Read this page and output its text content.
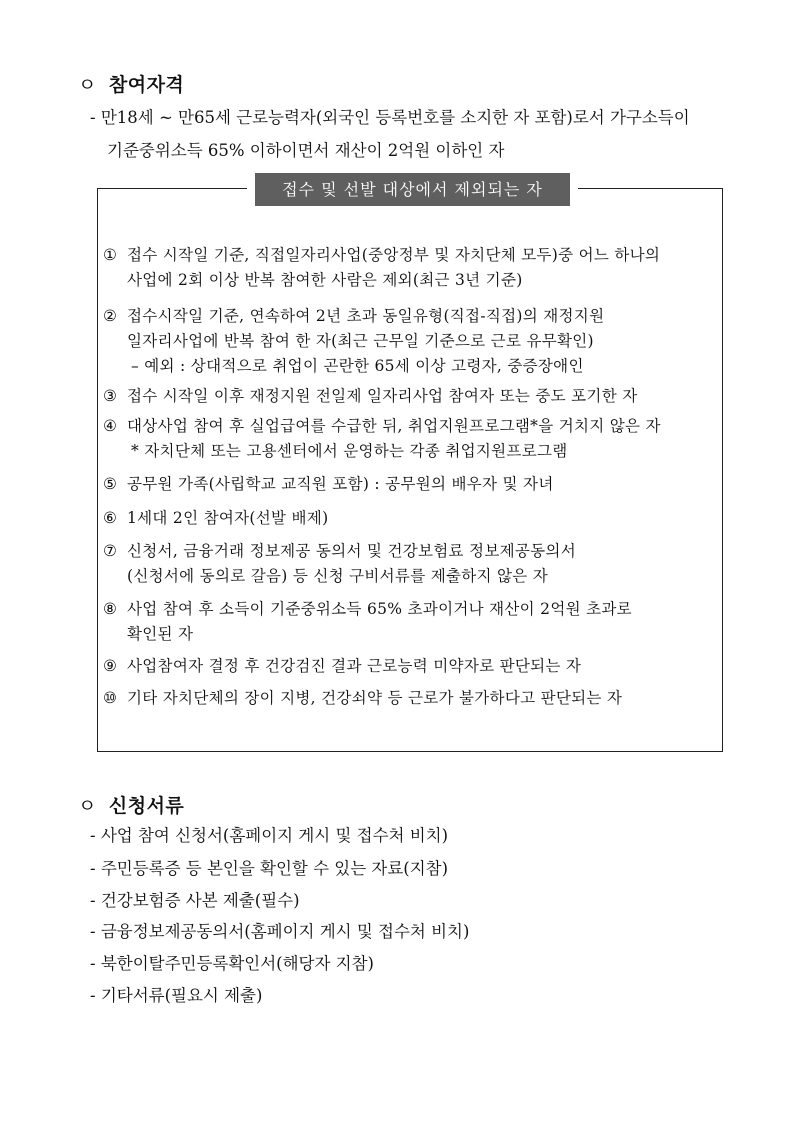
ㅇ 참여자격
- 만18세 ~ 만65세 근로능력자(외국인 등록번호를 소지한 자 포함)로서 가구소득이
기준중위소득 65% 이하이면서 재산이 2억원 이하인 자
접수 및 선발 대상에서 제외되는 자
① 접수 시작일 기준, 직접일자리사업(중앙정부 및 자치단체 모두)중 어느 하나의
사업에 2회 이상 반복 참여한 사람은 제외(최근 3년 기준)
② 접수시작일 기준, 연속하여 2년 초과 동일유형(직접-직접)의 재정지원
일자리사업에 반복 참여 한 자(최근 근무일 기준으로 근로 유무확인)
– 예외 : 상대적으로 취업이 곤란한 65세 이상 고령자, 중증장애인
③ 접수 시작일 이후 재정지원 전일제 일자리사업 참여자 또는 중도 포기한 자
④ 대상사업 참여 후 실업급여를 수급한 뒤, 취업지원프로그램*을 거치지 않은 자
* 자치단체 또는 고용센터에서 운영하는 각종 취업지원프로그램
⑤ 공무원 가족(사립학교 교직원 포함) : 공무원의 배우자 및 자녀
⑥ 1세대 2인 참여자(선발 배제)
⑦ 신청서, 금융거래 정보제공 동의서 및 건강보험료 정보제공동의서
(신청서에 동의로 갈음) 등 신청 구비서류를 제출하지 않은 자
⑧ 사업 참여 후 소득이 기준중위소득 65% 초과이거나 재산이 2억원 초과로
확인된 자
⑨ 사업참여자 결정 후 건강검진 결과 근로능력 미약자로 판단되는 자
⑩ 기타 자치단체의 장이 지병, 건강쇠약 등 근로가 불가하다고 판단되는 자
ㅇ 신청서류
- 사업 참여 신청서(홈페이지 게시 및 접수처 비치)
- 주민등록증 등 본인을 확인할 수 있는 자료(지참)
- 건강보험증 사본 제출(필수)
- 금융정보제공동의서(홈페이지 게시 및 접수처 비치)
- 북한이탈주민등록확인서(해당자 지참)
- 기타서류(필요시 제출)
